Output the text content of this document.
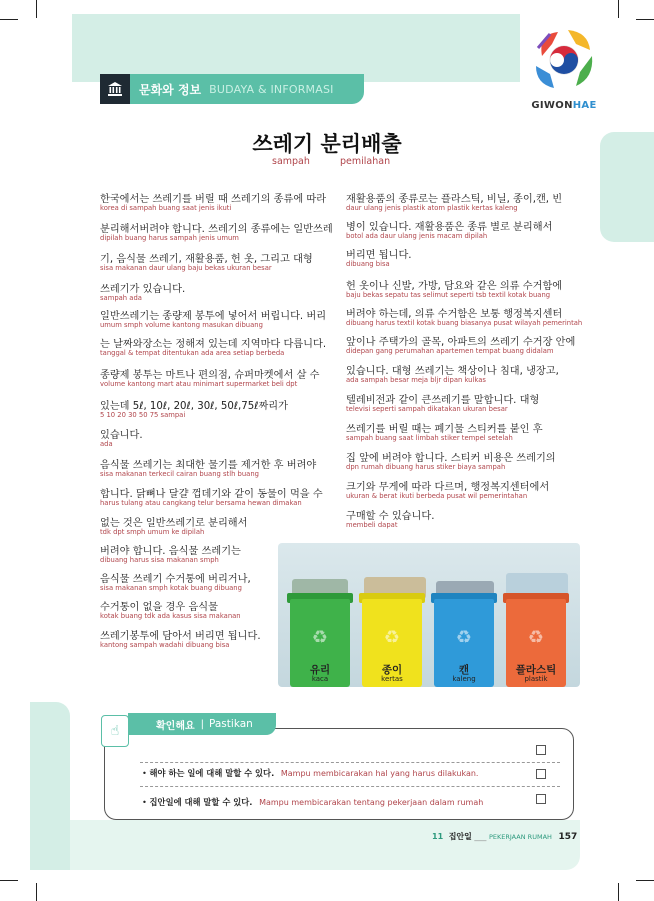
문화와 정보 BUDAYA & INFORMASI
GIWONHAE
쓰레기 분리배출
sampah	pemilahan
한국에서는 쓰레기를 버릴 때 쓰레기의 종류에 따라
korea di sampah buang saat jenis ikuti
분리해서버려야 합니다. 쓰레기의 종류에는 일반쓰레
dipilah buang harus sampah jenis umum
기, 음식물 쓰레기, 재활용품, 헌 옷, 그리고 대형
sisa makanan daur ulang baju bekas ukuran besar
쓰레기가 있습니다.
sampah ada
일반쓰레기는 종량제 봉투에 넣어서 버립니다. 버리
umum smph volume kantong masukan dibuang
는 날짜와장소는 정해져 있는데 지역마다 다릅니다.
tanggal & tempat ditentukan ada area setiap berbeda
종량제 봉투는 마트나 편의점, 슈퍼마켓에서 살 수
volume kantong mart atau minimart supermarket beli dpt
있는데 5ℓ, 10ℓ, 20ℓ, 30ℓ, 50ℓ,75ℓ짜리가
5 10 20 30 50 75 sampai
있습니다.
ada
음식물 쓰레기는 최대한 물기를 제거한 후 버려야
sisa makanan terkecil cairan buang stlh buang
합니다. 닭뼈나 달걀 껍데기와 같이 동물이 먹을 수
harus tulang atau cangkang telur bersama hewan dimakan
없는 것은 일반쓰레기로 분리해서
tdk dpt smph umum ke dipilah
버려야 합니다. 음식물 쓰레기는
dibuang harus sisa makanan smph
음식물 쓰레기 수거통에 버리거나,
sisa makanan smph kotak buang dibuang
수거통이 없을 경우 음식물
kotak buang tdk ada kasus sisa makanan
쓰레기봉투에 담아서 버리면 됩니다.
kantong sampah wadahi dibuang bisa
재활용품의 종류로는 플라스틱, 비닐, 종이,캔, 빈
daur ulang jenis plastik atom plastik kertas kaleng
병이 있습니다. 재활용품은 종류 별로 분리해서
botol ada daur ulang jenis macam dipilah
버리면 됩니다.
dibuang bisa
헌 옷이나 신발, 가방, 담요와 같은 의류 수거함에
baju bekas sepatu tas selimut seperti tsb textil kotak buang
버려야 하는데, 의류 수거함은 보통 행정복지센터
dibuang harus textil kotak buang biasanya pusat wilayah pemerintah
앞이나 주택가의 골목, 아파트의 쓰레기 수거장 안에
didepan gang perumahan apartemen tempat buang didalam
있습니다. 대형 쓰레기는 책상이나 침대, 냉장고,
ada sampah besar meja bljr dipan kulkas
텔레비전과 같이 큰쓰레기를 말합니다. 대형
televisi seperti sampah dikatakan ukuran besar
쓰레기를 버릴 때는 폐기물 스티커를 붙인 후
sampah buang saat limbah stiker tempel setelah
집 앞에 버려야 합니다. 스티커 비용은 쓰레기의
dpn rumah dibuang harus stiker biaya sampah
크기와 무게에 따라 다르며, 행정복지센터에서
ukuran & berat ikuti berbeda pusat wil pemerintahan
구매할 수 있습니다.
membeli dapat
♻
유리
kaca
♻
종이
kertas
♻
캔
kaleng
♻
플라스틱
plastik
확인해요 | Pastikan
☝
• 해야 하는 일에 대해 말할 수 있다. Mampu membicarakan hal yang harus dilakukan.
• 집안일에 대해 말할 수 있다. Mampu membicarakan tentang pekerjaan dalam rumah
11 집안일 ___ PEKERJAAN RUMAH 157
